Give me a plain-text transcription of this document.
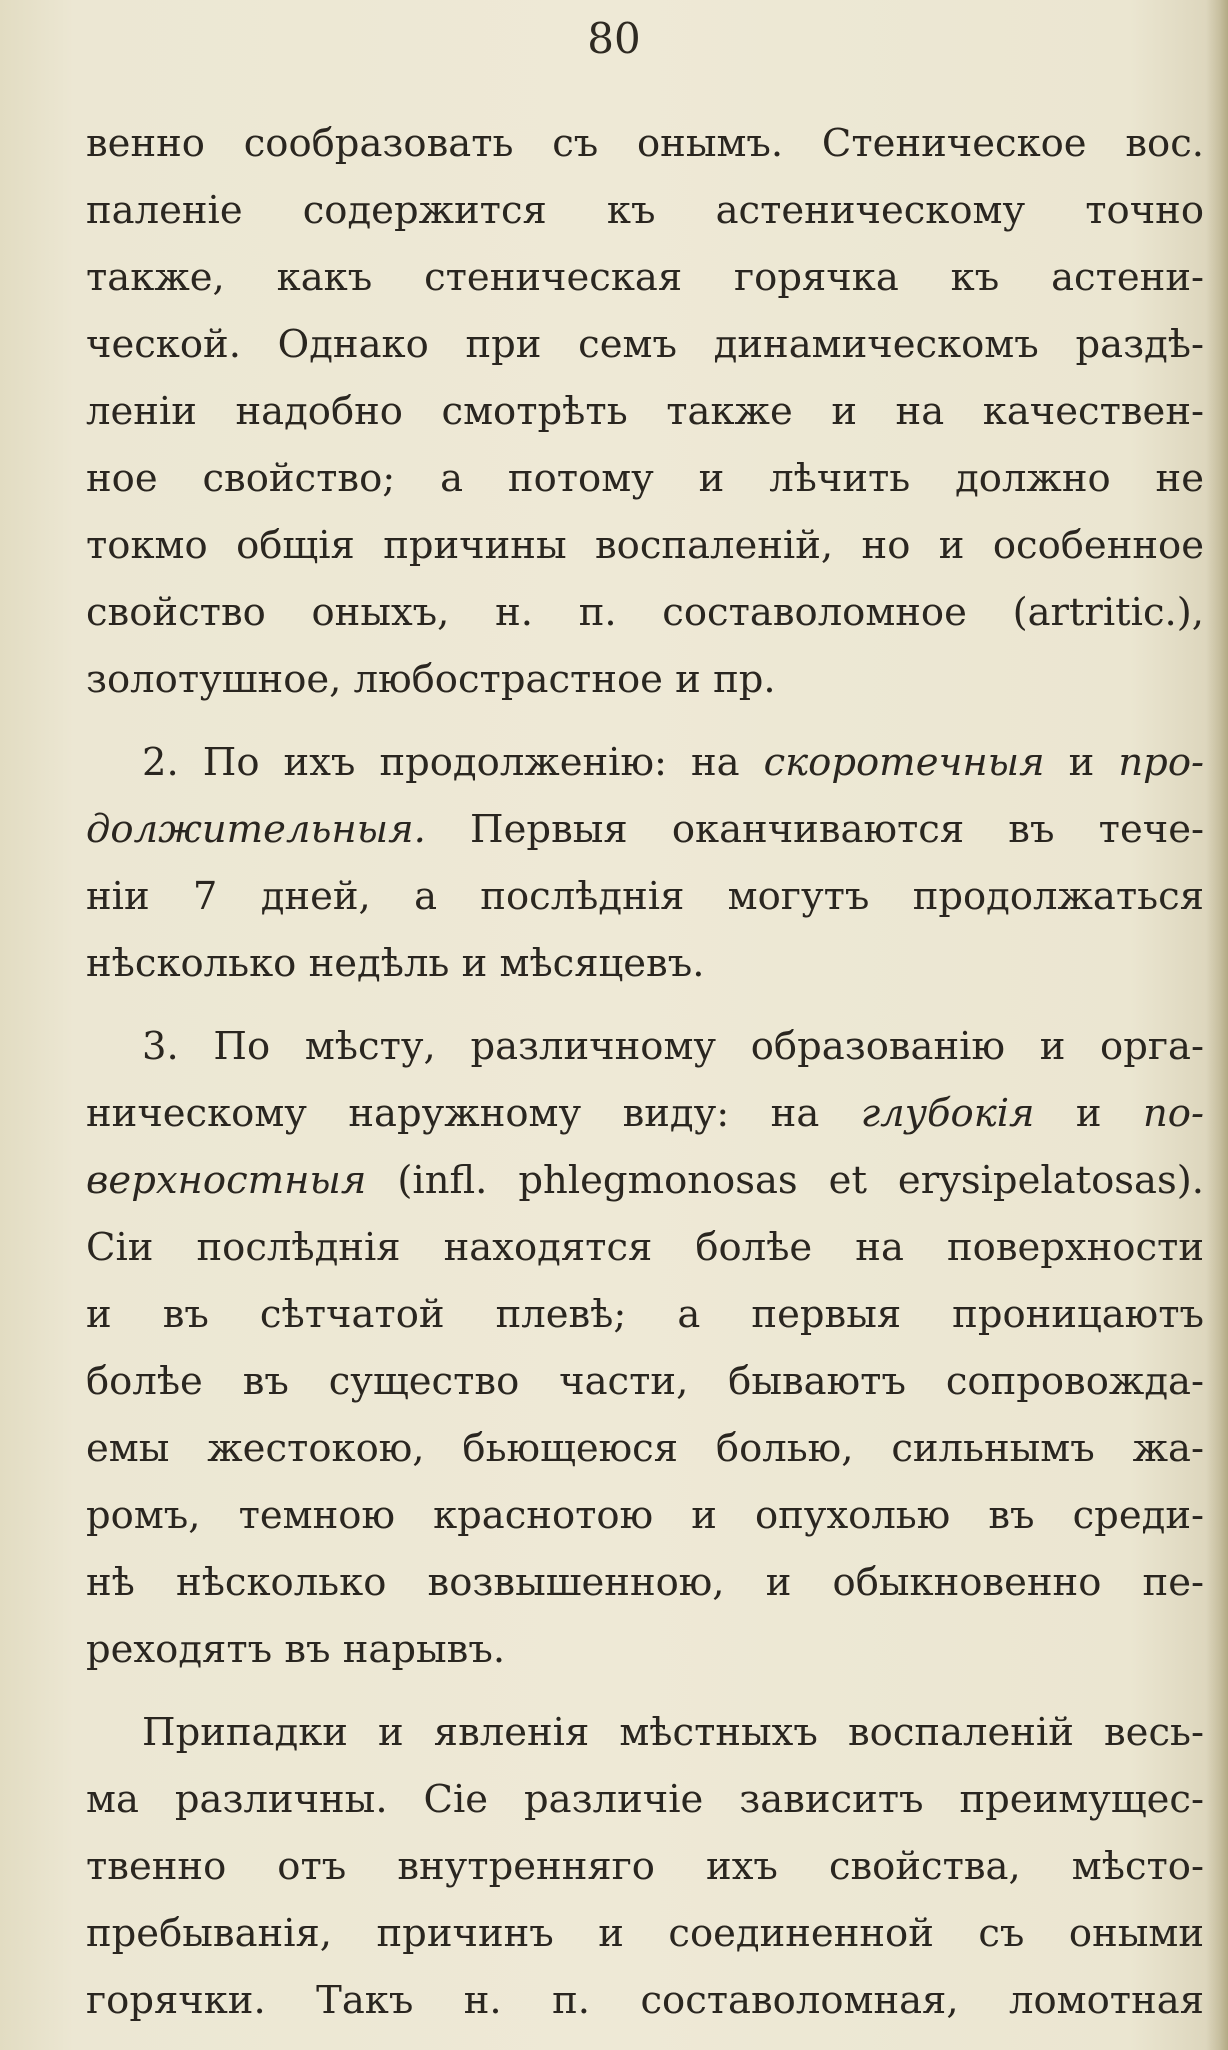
80
венно сообразовать съ онымъ. Стеническое вос.
паленіе содержится къ астеническому точно
также, какъ стеническая горячка къ астени-
ческой. Однако при семъ динамическомъ раздѣ-
леніи надобно смотрѣть также и на качествен-
ное свойство; а потому и лѣчить должно не
токмо общія причины воспаленій, но и особенное
свойство оныхъ, н. п. составоломное (artritic.),
золотушное, любострастное и пр.
2. По ихъ продолженію: на скоротечныя и про-
должительныя. Первыя оканчиваются въ тече-
ніи 7 дней, а послѣднія могутъ продолжаться
нѣсколько недѣль и мѣсяцевъ.
3. По мѣсту, различному образованію и орга-
ническому наружному виду: на глубокія и по-
верхностныя (infl. phlegmonosas et erysipelatosas).
Сіи послѣднія находятся болѣе на поверхности
и въ сѣтчатой плевѣ; а первыя проницаютъ
болѣе въ существо части, бываютъ сопровожда-
емы жестокою, бьющеюся болью, сильнымъ жа-
ромъ, темною краснотою и опухолью въ среди-
нѣ нѣсколько возвышенною, и обыкновенно пе-
реходятъ въ нарывъ.
Припадки и явленія мѣстныхъ воспаленій весь-
ма различны. Сіе различіе зависитъ преимущес-
твенно отъ внутренняго ихъ свойства, мѣсто-
пребыванія, причинъ и соединенной съ оными
горячки. Такъ н. п. составоломная, ломотная
